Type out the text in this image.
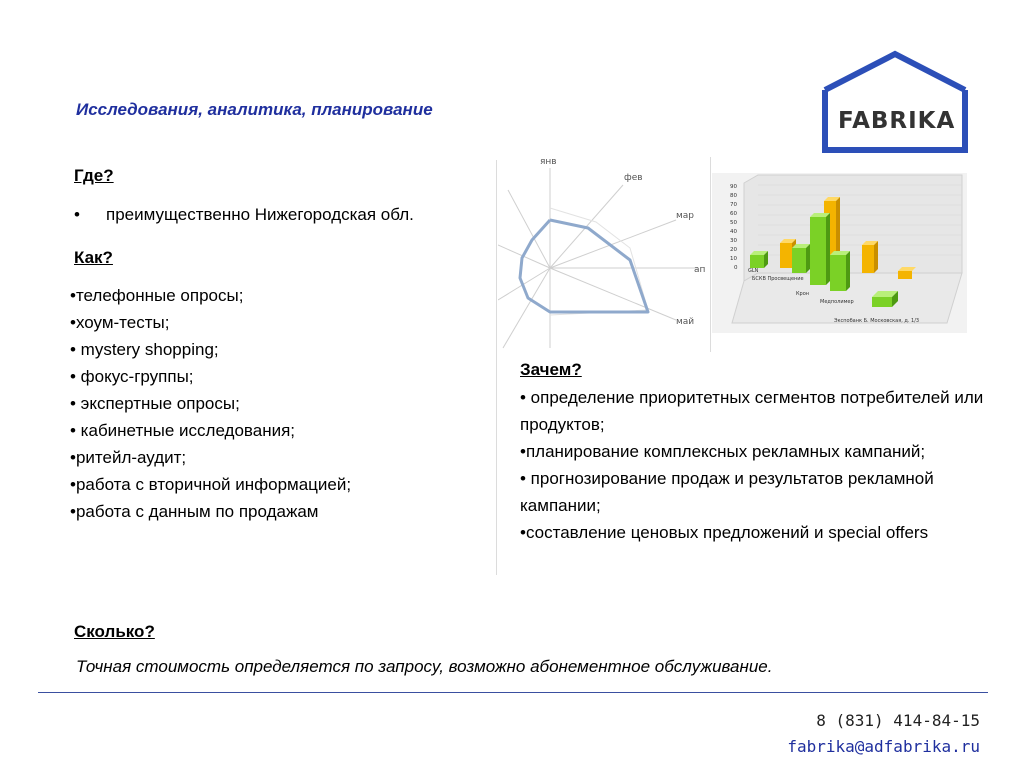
Исследования, аналитика, планирование	FABRIKA
Где?
• преимущественно Нижегородская обл.
Как?
•телефонные опросы;
•хоум-тесты;
• mystery shopping;
• фокус-группы;
• экспертные опросы;
• кабинетные исследования;
•ритейл-аудит;
•работа с вторичной информацией;
•работа с данным по продажам
янв
фев
мар
ап
май
90
80
70
60
50
40
30
20
10
0 GLN
БСКВ Просвещение
Крон
Медполимер
Экспобанк Б. Московская, д. 1/3
Зачем?
• определение приоритетных сегментов потребителей или продуктов;
•планирование комплексных рекламных кампаний;
• прогнозирование продаж и результатов рекламной кампании;
•составление ценовых предложений и special offers
Сколько?
Точная стоимость определяется по запросу, возможно абонементное обслуживание.
8 (831) 414-84-15
fabrika@adfabrika.ru
